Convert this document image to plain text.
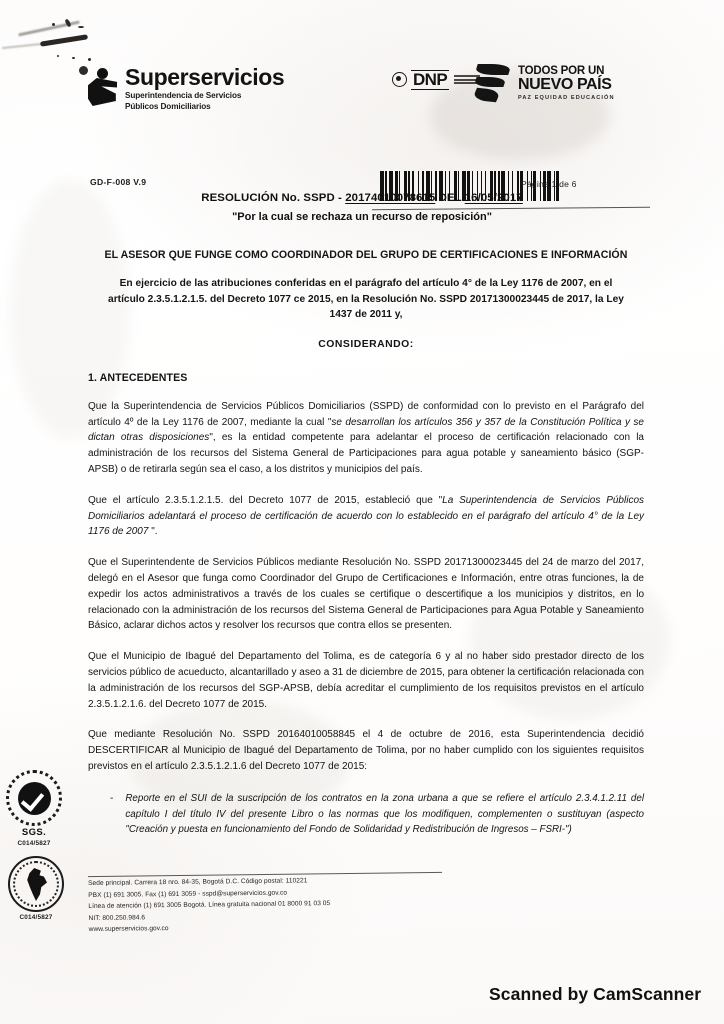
Superservicios
Superintendencia de Servicios
Públicos Domiciliarios
DNP	TODOS POR UN
NUEVO PAÍS
PAZ EQUIDAD EDUCACIÓN
GD-F-008 V.9	Página 1 de 6
RESOLUCIÓN No. SSPD - 20174010078615 DEL 16/05/2017
"Por la cual se rechaza un recurso de reposición"
EL ASESOR QUE FUNGE COMO COORDINADOR DEL GRUPO DE CERTIFICACIONES E INFORMACIÓN
En ejercicio de las atribuciones conferidas en el parágrafo del artículo 4° de la Ley 1176 de 2007, en el artículo 2.3.5.1.2.1.5. del Decreto 1077 ce 2015, en la Resolución No. SSPD 20171300023445 de 2017, la Ley 1437 de 2011 y,
CONSIDERANDO:
1. ANTECEDENTES
Que la Superintendencia de Servicios Públicos Domiciliarios (SSPD) de conformidad con lo previsto en el Parágrafo del artículo 4º de la Ley 1176 de 2007, mediante la cual "se desarrollan los artículos 356 y 357 de la Constitución Política y se dictan otras disposiciones", es la entidad competente para adelantar el proceso de certificación relacionado con la administración de los recursos del Sistema General de Participaciones para agua potable y saneamiento básico (SGP-APSB) o de retirarla según sea el caso, a los distritos y municipios del país.
Que el artículo 2.3.5.1.2.1.5. del Decreto 1077 de 2015, estableció que "La Superintendencia de Servicios Públicos Domiciliarios adelantará el proceso de certificación de acuerdo con lo establecido en el parágrafo del artículo 4° de la Ley 1176 de 2007 ".
Que el Superintendente de Servicios Públicos mediante Resolución No. SSPD 20171300023445 del 24 de marzo del 2017, delegó en el Asesor que funga como Coordinador del Grupo de Certificaciones e Información, entre otras funciones, la de expedir los actos administrativos a través de los cuales se certifique o descertifique a los municipios y distritos, en lo relacionado con la administración de los recursos del Sistema General de Participaciones para Agua Potable y Saneamiento Básico, aclarar dichos actos y resolver los recursos que contra ellos se presenten.
Que el Municipio de Ibagué del Departamento del Tolima, es de categoría 6 y al no haber sido prestador directo de los servicios público de acueducto, alcantarillado y aseo a 31 de diciembre de 2015, para obtener la certificación relacionada con la administración de los recursos del SGP-APSB, debía acreditar el cumplimiento de los requisitos previstos en el artículo 2.3.5.1.2.1.6. del Decreto 1077 de 2015.
Que mediante Resolución No. SSPD 20164010058845 el 4 de octubre de 2016, esta Superintendencia decidió DESCERTIFICAR al Municipio de Ibagué del Departamento de Tolima, por no haber cumplido con los siguientes requisitos previstos en el artículo 2.3.5.1.2.1.6 del Decreto 1077 de 2015:
- Reporte en el SUI de la suscripción de los contratos en la zona urbana a que se refiere el artículo 2.3.4.1.2.11 del capítulo I del título IV del presente Libro o las normas que los modifiquen, complementen o sustituyan (aspecto "Creación y puesta en funcionamiento del Fondo de Solidaridad y Redistribución de Ingresos – FSRI-")
SGS.
C014/5827
C014/5827
Sede principal. Carrera 18 nro. 84-35, Bogotá D.C. Código postal: 110221
PBX (1) 691 3005. Fax (1) 691 3059 - sspd@superservicios.gov.co
Línea de atención (1) 691 3005 Bogotá. Línea gratuita nacional 01 8000 91 03 05
NIT: 800.250.984.6
www.superservicios.gov.co
Scanned by CamScanner
